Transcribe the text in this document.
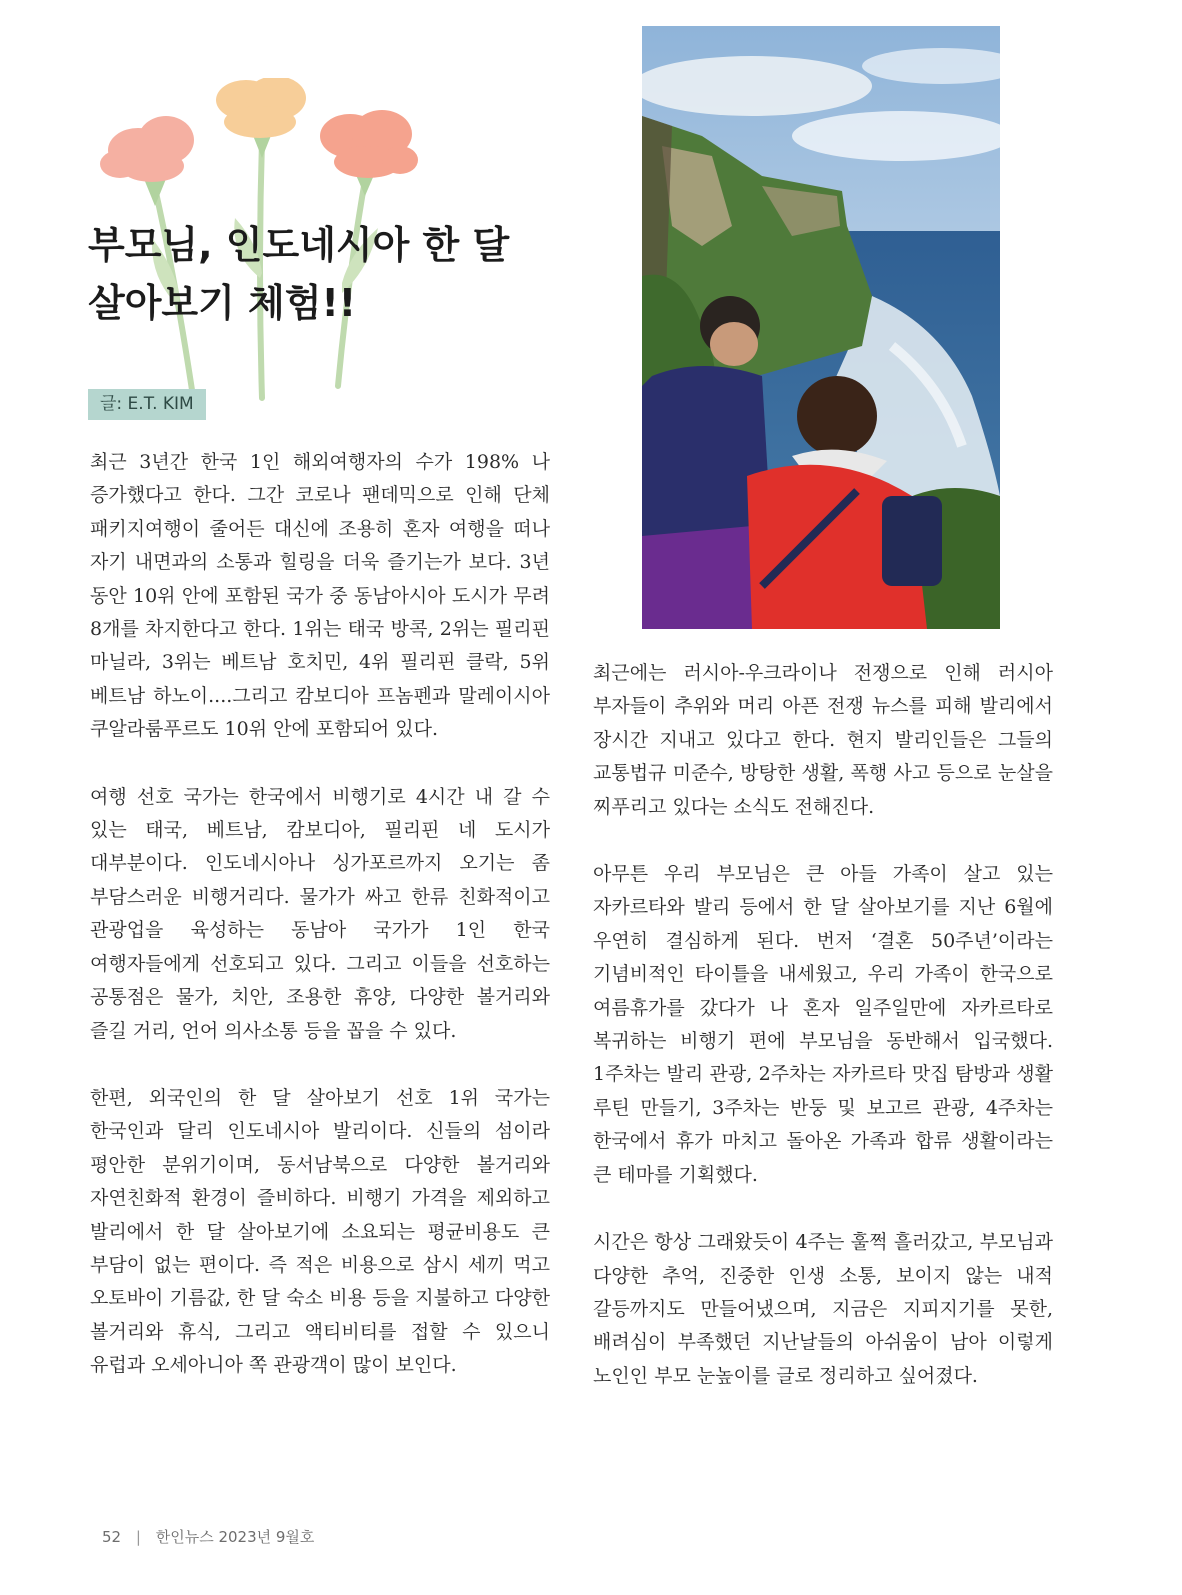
부모님, 인도네시아 한 달
살아보기 체험!!
글: E.T. KIM

최근 3년간 한국 1인 해외여행자의 수가 198% 나 증가했다고 한다. 그간 코로나 팬데믹으로 인해 단체 패키지여행이 줄어든 대신에 조용히 혼자 여행을 떠나 자기 내면과의 소통과 힐링을 더욱 즐기는가 보다. 3년 동안 10위 안에 포함된 국가 중 동남아시아 도시가 무려 8개를 차지한다고 한다. 1위는 태국 방콕, 2위는 필리핀 마닐라, 3위는 베트남 호치민, 4위 필리핀 클락, 5위 베트남 하노이....그리고 캄보디아 프놈펜과 말레이시아 쿠알라룸푸르도 10위 안에 포함되어 있다.

여행 선호 국가는 한국에서 비행기로 4시간 내 갈 수 있는 태국, 베트남, 캄보디아, 필리핀 네 도시가 대부분이다. 인도네시아나 싱가포르까지 오기는 좀 부담스러운 비행거리다. 물가가 싸고 한류 친화적이고 관광업을 육성하는 동남아 국가가 1인 한국 여행자들에게 선호되고 있다. 그리고 이들을 선호하는 공통점은 물가, 치안, 조용한 휴양, 다양한 볼거리와 즐길 거리, 언어 의사소통 등을 꼽을 수 있다.

한편, 외국인의 한 달 살아보기 선호 1위 국가는 한국인과 달리 인도네시아 발리이다. 신들의 섬이라 평안한 분위기이며, 동서남북으로 다양한 볼거리와 자연친화적 환경이 즐비하다. 비행기 가격을 제외하고 발리에서 한 달 살아보기에 소요되는 평균비용도 큰 부담이 없는 편이다. 즉 적은 비용으로 삼시 세끼 먹고 오토바이 기름값, 한 달 숙소 비용 등을 지불하고 다양한 볼거리와 휴식, 그리고 액티비티를 접할 수 있으니 유럽과 오세아니아 쪽 관광객이 많이 보인다.

최근에는 러시아-우크라이나 전쟁으로 인해 러시아 부자들이 추위와 머리 아픈 전쟁 뉴스를 피해 발리에서 장시간 지내고 있다고 한다. 현지 발리인들은 그들의 교통법규 미준수, 방탕한 생활, 폭행 사고 등으로 눈살을 찌푸리고 있다는 소식도 전해진다.

아무튼 우리 부모님은 큰 아들 가족이 살고 있는 자카르타와 발리 등에서 한 달 살아보기를 지난 6월에 우연히 결심하게 된다. 번저 ‘결혼 50주년’이라는 기념비적인 타이틀을 내세웠고, 우리 가족이 한국으로 여름휴가를 갔다가 나 혼자 일주일만에 자카르타로 복귀하는 비행기 편에 부모님을 동반해서 입국했다. 1주차는 발리 관광, 2주차는 자카르타 맛집 탐방과 생활 루틴 만들기, 3주차는 반둥 및 보고르 관광, 4주차는 한국에서 휴가 마치고 돌아온 가족과 합류 생활이라는 큰 테마를 기획했다.

시간은 항상 그래왔듯이 4주는 훌쩍 흘러갔고, 부모님과 다양한 추억, 진중한 인생 소통, 보이지 않는 내적 갈등까지도 만들어냈으며, 지금은 지피지기를 못한, 배려심이 부족했던 지난날들의 아쉬움이 남아 이렇게 노인인 부모 눈높이를 글로 정리하고 싶어졌다.

52 | 한인뉴스 2023년 9월호
